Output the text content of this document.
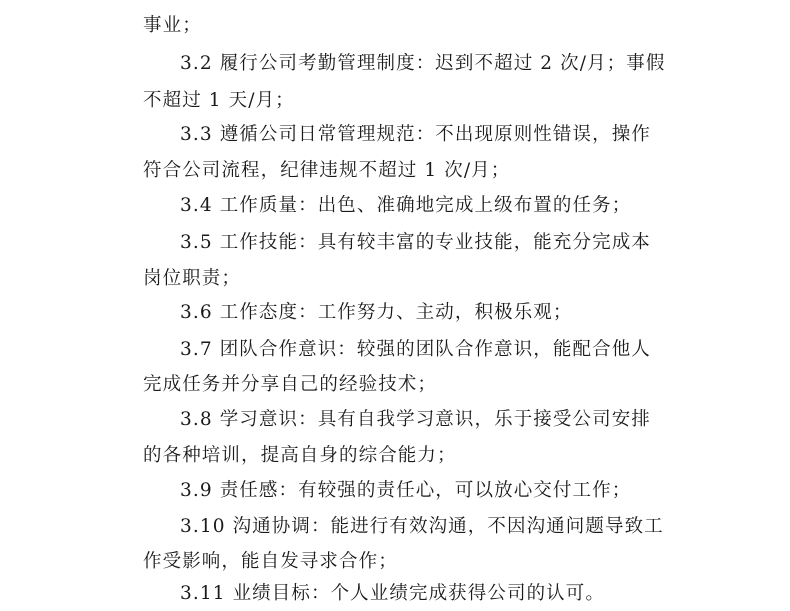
事业；
3.2 履行公司考勤管理制度：迟到不超过 2 次/月；事假
不超过 1 天/月；
3.3 遵循公司日常管理规范：不出现原则性错误，操作
符合公司流程，纪律违规不超过 1 次/月；
3.4 工作质量：出色、准确地完成上级布置的任务；
3.5 工作技能：具有较丰富的专业技能，能充分完成本
岗位职责；
3.6 工作态度：工作努力、主动，积极乐观；
3.7 团队合作意识：较强的团队合作意识，能配合他人
完成任务并分享自己的经验技术；
3.8 学习意识：具有自我学习意识，乐于接受公司安排
的各种培训，提高自身的综合能力；
3.9 责任感：有较强的责任心，可以放心交付工作；
3.10 沟通协调：能进行有效沟通，不因沟通问题导致工
作受影响，能自发寻求合作；
3.11 业绩目标：个人业绩完成获得公司的认可。
